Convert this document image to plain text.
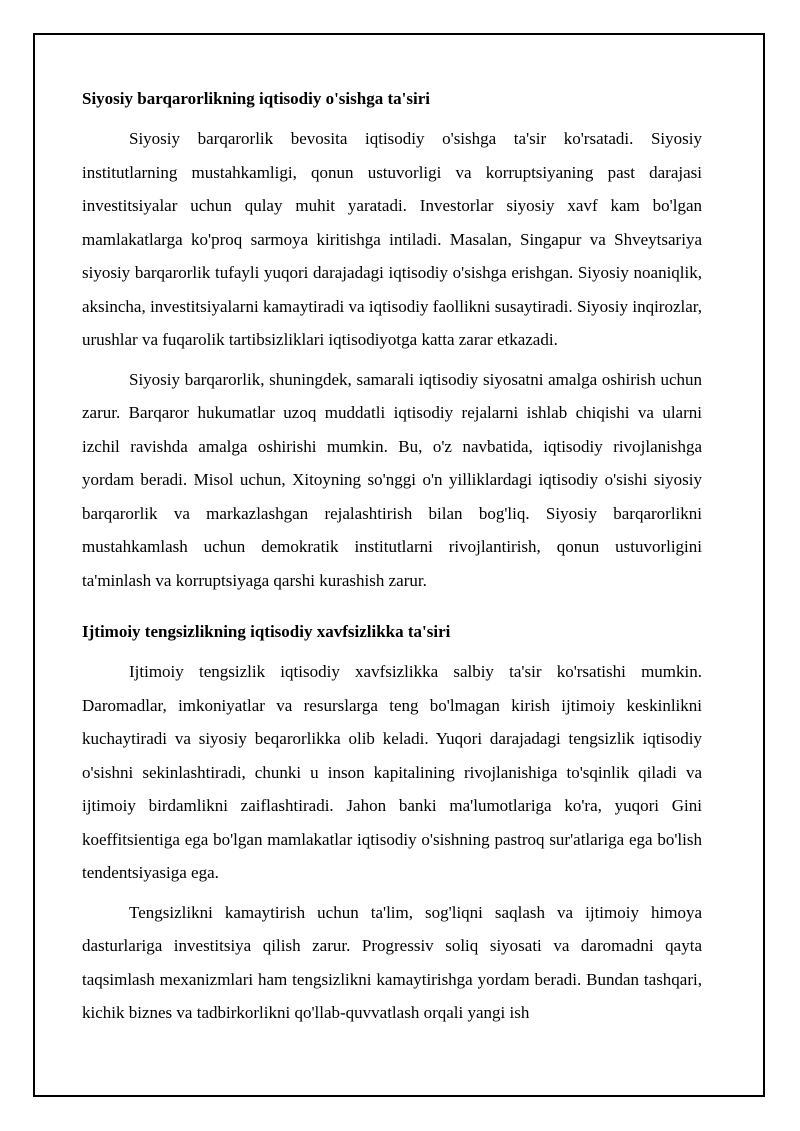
Siyosiy barqarorlikning iqtisodiy o'sishga ta'siri

Siyosiy barqarorlik bevosita iqtisodiy o'sishga ta'sir ko'rsatadi. Siyosiy institutlarning mustahkamligi, qonun ustuvorligi va korruptsiyaning past darajasi investitsiyalar uchun qulay muhit yaratadi. Investorlar siyosiy xavf kam bo'lgan mamlakatlarga ko'proq sarmoya kiritishga intiladi. Masalan, Singapur va Shveytsariya siyosiy barqarorlik tufayli yuqori darajadagi iqtisodiy o'sishga erishgan. Siyosiy noaniqlik, aksincha, investitsiyalarni kamaytiradi va iqtisodiy faollikni susaytiradi. Siyosiy inqirozlar, urushlar va fuqarolik tartibsizliklari iqtisodiyotga katta zarar etkazadi.

Siyosiy barqarorlik, shuningdek, samarali iqtisodiy siyosatni amalga oshirish uchun zarur. Barqaror hukumatlar uzoq muddatli iqtisodiy rejalarni ishlab chiqishi va ularni izchil ravishda amalga oshirishi mumkin. Bu, o'z navbatida, iqtisodiy rivojlanishga yordam beradi. Misol uchun, Xitoyning so'nggi o'n yilliklardagi iqtisodiy o'sishi siyosiy barqarorlik va markazlashgan rejalashtirish bilan bog'liq. Siyosiy barqarorlikni mustahkamlash uchun demokratik institutlarni rivojlantirish, qonun ustuvorligini ta'minlash va korruptsiyaga qarshi kurashish zarur.

Ijtimoiy tengsizlikning iqtisodiy xavfsizlikka ta'siri

Ijtimoiy tengsizlik iqtisodiy xavfsizlikka salbiy ta'sir ko'rsatishi mumkin. Daromadlar, imkoniyatlar va resurslarga teng bo'lmagan kirish ijtimoiy keskinlikni kuchaytiradi va siyosiy beqarorlikka olib keladi. Yuqori darajadagi tengsizlik iqtisodiy o'sishni sekinlashtiradi, chunki u inson kapitalining rivojlanishiga to'sqinlik qiladi va ijtimoiy birdamlikni zaiflashtiradi. Jahon banki ma'lumotlariga ko'ra, yuqori Gini koeffitsientiga ega bo'lgan mamlakatlar iqtisodiy o'sishning pastroq sur'atlariga ega bo'lish tendentsiyasiga ega.

Tengsizlikni kamaytirish uchun ta'lim, sog'liqni saqlash va ijtimoiy himoya dasturlariga investitsiya qilish zarur. Progressiv soliq siyosati va daromadni qayta taqsimlash mexanizmlari ham tengsizlikni kamaytirishga yordam beradi. Bundan tashqari, kichik biznes va tadbirkorlikni qo'llab-quvvatlash orqali yangi ish
